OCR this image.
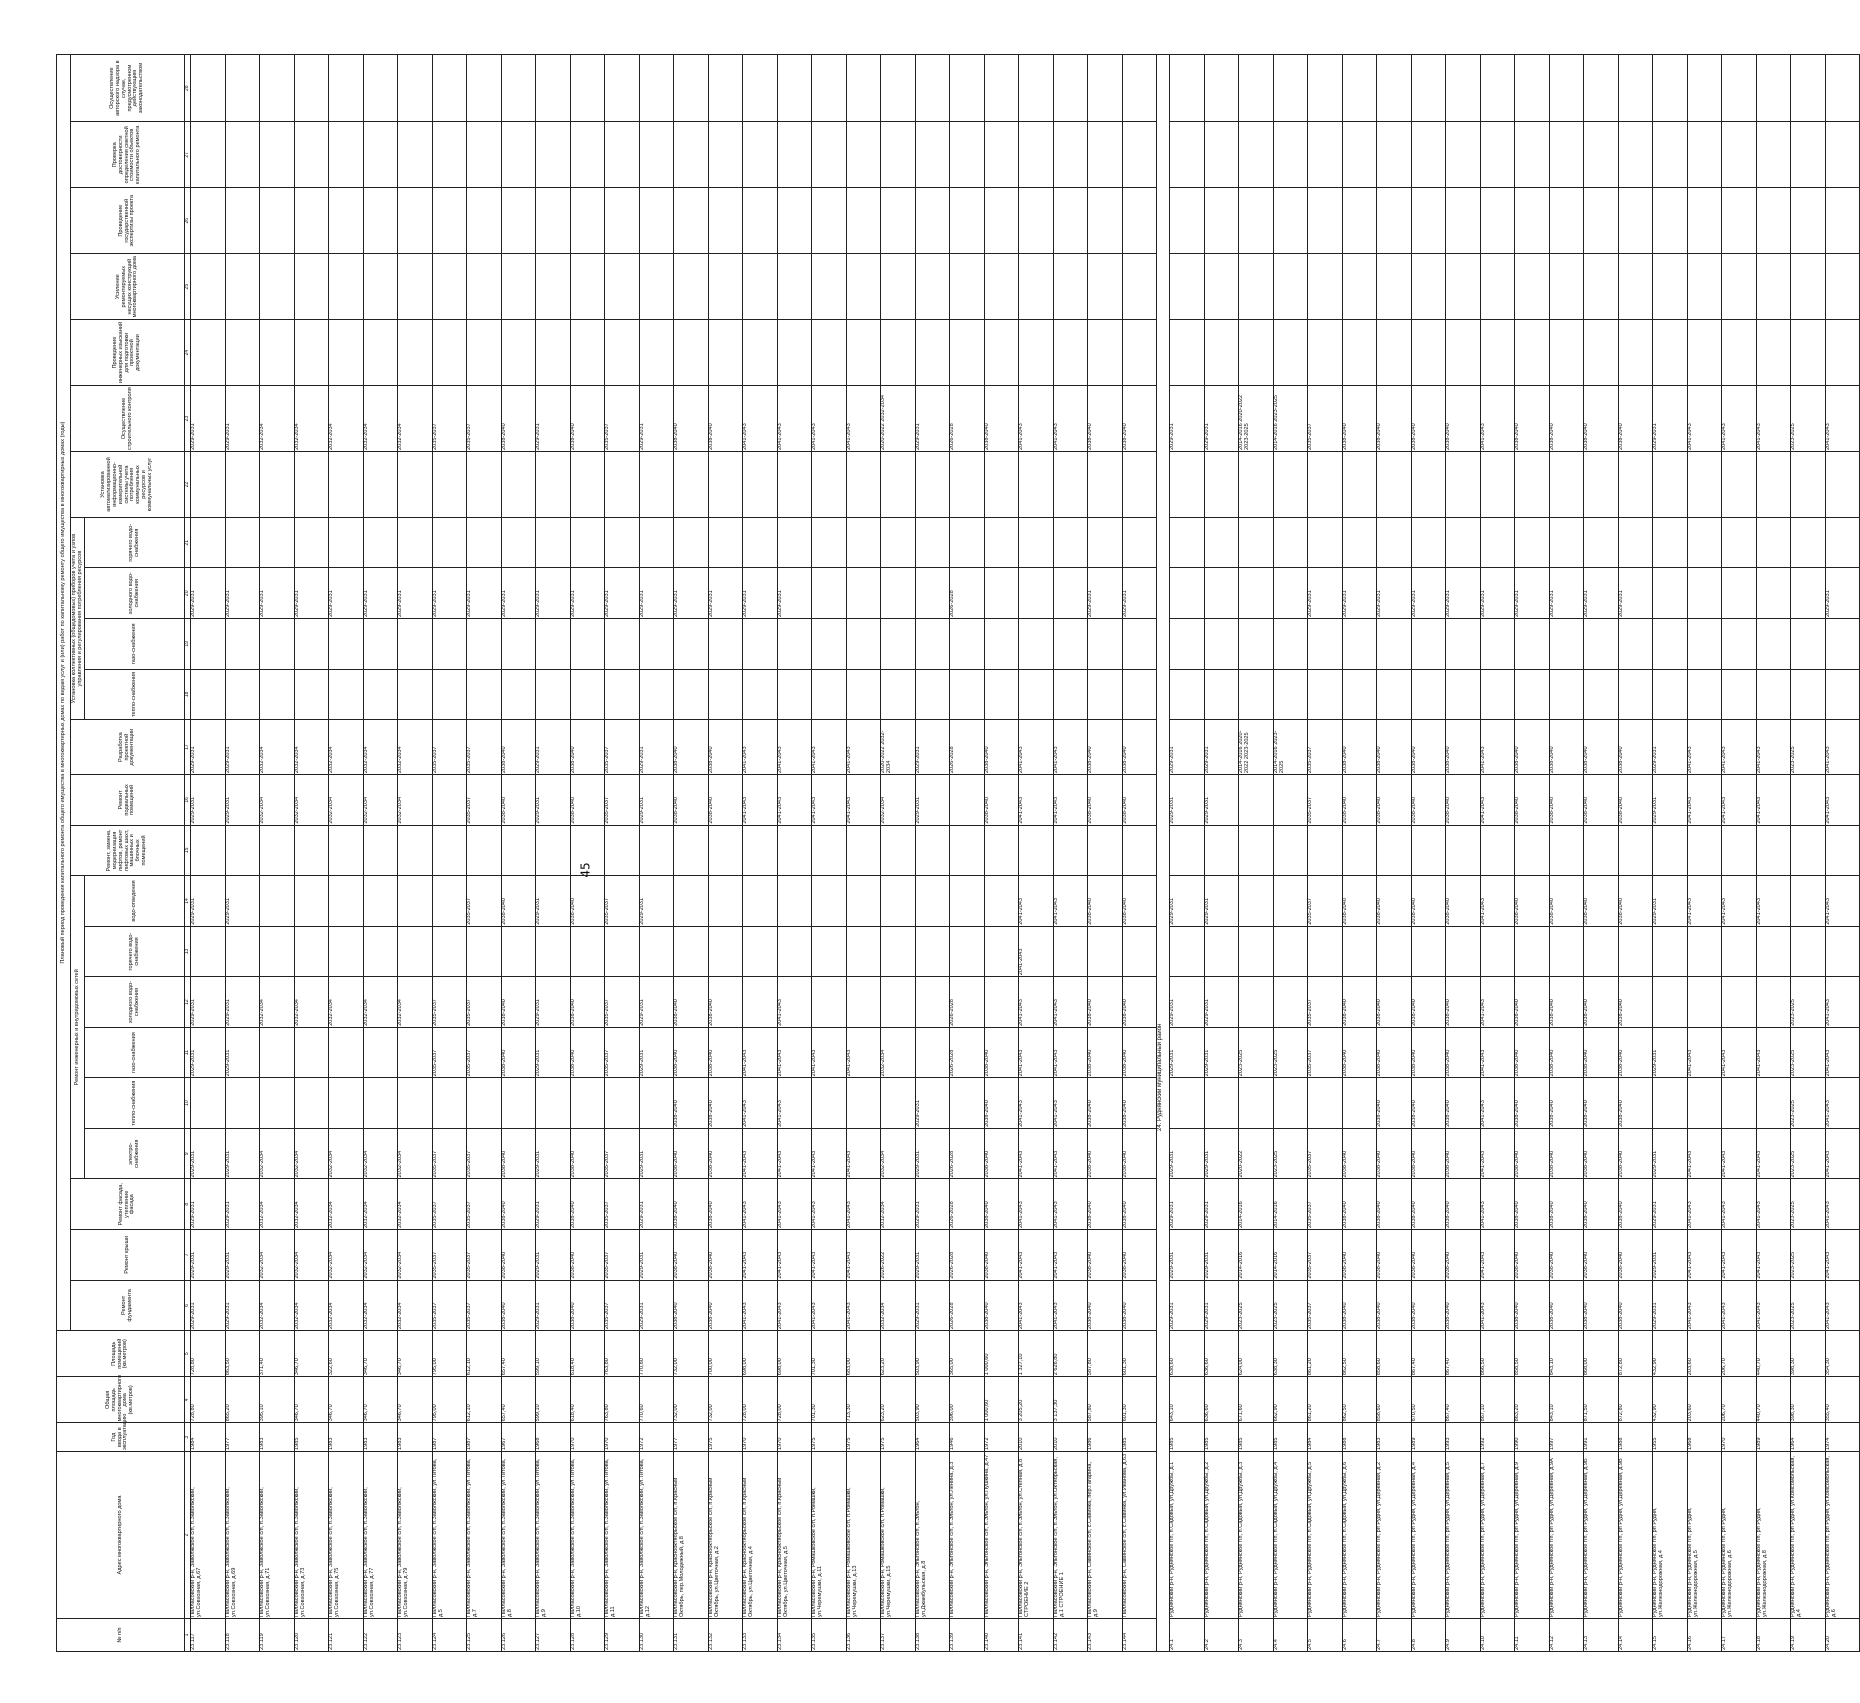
45
№ п/п	Адрес многоквартирного дома	Год ввода в эксплуатацию	Общая площадь многоквартирного дома (кв.метров)	Площадь помещений (кв.метров)	Плановый период проведения капитального ремонта общего имущества в многоквартирных домах по видам услуг и (или) работ по капитальному ремонту общего имущества в многоквартирных домах (годы)																						
					Ремонт фундамента	Ремонт крыши	Ремонт фасада, утепление фасада	Ремонт инженерных и внутридомовых сетей						Ремонт, замена, модернизация лифтов, ремонт лифтовых шахт, машинных и блочных помещений	Ремонт подвальных помещений	Разработка проектной документации	Установка коллективных (общедомовых) приборов учета и узлов управления и регулирования потребления ресурсов				Установка автоматизированной информационно-измерительной системы учета потребления коммунальных ресурсов и коммунальных услуг	Осуществление строительного контроля	Проведение инженерных изысканий для подготовки проектной документации	Усиление ремонтируемых несущих конструкций многоквартирного дома	Проведение государственной экспертизы проекта	Проверка достоверности определения сметной стоимости объектов капитального ремонта	Осуществление авторского надзора в случае, предусмотренном действующим законодательством
								электро-снабжения	тепло-снабжения	газо-снабжения	холодного водо-снабжения	горячего водо-снабжения	водо-отведения				тепло-снабжения	газо-снабжения	холодного водо-снабжения	горячего водо-снабжения							

1	2	3	4	5	6	7	8	9	10	11	12	13	14	15	16	17	18	19	20	21	22	23	24	25	26	27	28
23.117	Палласовский р-н, Заволжское с/п, п.Заволжский, ул.Совхозная, д.67	1984	728,80	728,80	2029-2031	2029-2031	2029-2031	2029-2031		2029-2031	2029-2031		2029-2031		2029-2031	2029-2031			2029-2031			2029-2031					
23.118	Палласовский р-н, Заволжское с/п, п.Заволжский, ул.Совхозная, д.69	1977	865,20	863,50	2029-2031	2029-2031	2029-2031	2029-2031		2029-2031	2029-2031		2029-2031		2029-2031	2029-2031			2029-2031			2029-2031					
23.119	Палласовский р-н, Заволжское с/п, п.Заволжский, ул.Совхозная, д.71	1983	395,10	371,40	2032-2034	2032-2034	2032-2034	2032-2034			2032-2034				2032-2034	2032-2034			2029-2031			2032-2034					
23.120	Палласовский р-н, Заволжское с/п, п.Заволжский, ул.Совхозная, д.73	1985	346,70	346,70	2032-2034	2032-2034	2032-2034	2032-2034			2032-2034				2032-2034	2032-2034			2029-2031			2032-2034					
23.121	Палласовский р-н, Заволжское с/п, п.Заволжский, ул.Совхозная, д.75	1983	346,70	322,60	2032-2034	2032-2034	2032-2034	2032-2034			2032-2034				2032-2034	2032-2034			2029-2031			2032-2034					
23.122	Палласовский р-н, Заволжское с/п, п.Заволжский, ул.Совхозная, д.77	1983	346,70	346,70	2032-2034	2032-2034	2032-2034	2032-2034			2032-2034				2032-2034	2032-2034			2029-2031			2032-2034					
23.123	Палласовский р-н, Заволжское с/п, п.Заволжский, ул.Совхозная, д.79	1983	346,70	346,70	2032-2034	2032-2034	2032-2034	2032-2034			2032-2034				2032-2034	2032-2034			2029-2031			2032-2034					
23.124	Палласовский р-н, Заволжское с/п, п.Заволжский, ул.Титова, д.5	1987	795,00	795,00	2035-2037	2035-2037	2035-2037	2035-2037		2035-2037	2035-2037					2035-2037			2029-2031			2035-2037					
23.125	Палласовский р-н, Заволжское с/п, п.Заволжский, ул.Титова, д.7	1987	612,10	612,10	2035-2037	2035-2037	2035-2037	2035-2037		2035-2037	2035-2037		2035-2037		2035-2037	2035-2037			2029-2031			2035-2037					
23.126	Палласовский р-н, Заволжское с/п, п.Заволжский, ул.Титова, д.8	1967	657,40	657,40	2038-2040	2038-2040	2038-2040	2038-2040		2038-2040	2038-2040		2038-2040		2038-2040	2038-2040			2029-2031			2038-2040					
23.127	Палласовский р-н, Заволжское с/п, п.Заволжский, ул.Титова, д.9	1968	599,10	599,10	2029-2031	2029-2031	2029-2031	2029-2031		2029-2031	2029-2031		2029-2031		2029-2031	2029-2031			2029-2031			2029-2031					
23.128	Палласовский р-н, Заволжское с/п, п.Заволжский, ул.Титова, д.10	1970	618,40	618,40	2038-2040	2038-2040	2038-2040	2038-2040		2038-2040	2038-2040		2038-2040		2038-2040	2038-2040			2029-2031			2038-2040					
23.129	Палласовский р-н, Заволжское с/п, п.Заволжский, ул.Титова, д.11	1970	763,80	763,80	2035-2037	2035-2037	2035-2037	2035-2037		2035-2037	2035-2037		2035-2037		2035-2037	2035-2037			2029-2031			2035-2037					
23.130	Палласовский р-н, Заволжское с/п, п.Заволжский, ул.Титова, д.12	1972	770,60	770,80	2029-2031	2029-2031	2029-2031	2029-2031		2029-2031	2029-2031		2029-2031		2029-2031	2029-2031			2029-2031			2029-2031					
23.131	Палласовский р-н, Краснооктябрьское с/п, п.Красный Октябрь, пер.Молодежный, д.8	1977	732,00	732,00	2038-2040	2038-2040	2038-2040	2038-2040	2038-2040	2038-2040	2038-2040				2038-2040	2038-2040			2029-2031			2038-2040					
23.132	Палласовский р-н, Краснооктябрьское с/п, п.Красный Октябрь, ул.Цветочная, д.2	1975	732,00	700,00	2038-2040	2038-2040	2038-2040	2038-2040	2038-2040	2038-2040	2038-2040				2038-2040	2038-2040			2029-2031			2038-2040					
23.133	Палласовский р-н, Краснооктябрьское с/п, п.Красный Октябрь, ул.Цветочная, д.4	1970	728,00	698,00	2041-2043	2041-2043	2041-2043	2041-2043	2041-2043	2041-2043					2041-2043	2041-2043			2029-2031			2041-2043					
23.134	Палласовский р-н, Краснооктябрьское с/п, п.Красный Октябрь, ул.Цветочная, д.5	1970	728,00	698,00	2041-2043	2041-2043	2041-2043	2041-2043	2041-2043	2041-2043	2041-2043				2041-2043	2041-2043			2029-2031			2041-2043					
23.135	Палласовский р-н, Ромашковское с/п, п.Ромашки, ул.Черемушки, д.11	1975	701,30	701,30	2041-2043	2041-2043	2041-2043	2041-2043		2041-2043					2041-2043	2041-2043						2041-2043					
23.136	Палласовский р-н, Ромашковское с/п, п.Ромашки, ул.Черемушки, д.13	1975	713,30	683,00	2041-2043	2041-2043	2041-2043	2041-2043		2041-2043					2041-2043	2041-2043						2041-2043					
23.137	Палласовский р-н, Ромашковское с/п, п.Ромашки, ул.Черемушки, д.15	1975	623,20	623,20	2032-2034	2026-2022	2032-2034	2032-2034		2032-2034					2032-2034	2020-2022 2032-2034						2020-2022 2032-2034					
23.138	Палласовский р-н, Эльтонское с/п, п.Эльтон, ул.Джамбульская, д.8	1964	503,90	503,90	2029-2031	2029-2031	2029-2031	2029-2031	2029-2031						2029-2031	2029-2031						2029-2031					
23.139	Палласовский р-н, Эльтонское с/п, п.Эльтон, ул.Ленина, д.3	1946	396,00	365,00	2026-2028	2026-2028	2026-2028	2026-2028		2026-2028	2026-2028					2026-2028			2026-2028			2026-2028					
23.140	Палласовский р-н, Эльтонское с/п, п.Эльтон, ул.Пушкина, д.47	1972	1 000,60	1 000,60	2038-2040	2038-2040	2038-2040	2038-2040	2038-2040	2038-2040					2038-2040	2038-2040						2038-2040					
23.141	Палласовский р-н, Эльтонское с/п, п.Эльтон, ул.Степная, д.8 СТРОЕНИЕ 2	2010	3 205,20	1 327,10	2041-2043	2041-2043	2041-2043	2041-2043	2041-2043	2041-2043	2041-2043	2041-2043	2041-2043		2041-2043	2041-2043						2041-2043					
23.142	Палласовский р-н, Эльтонское с/п, п.Эльтон, ул.Октябрьская, д.1 СТРОЕНИЕ 1	2010	3 137,30	2 626,80	2041-2043	2041-2043	2041-2043	2041-2043	2041-2043	2041-2043	2041-2043		2041-2043		2041-2043	2041-2043						2041-2043					
23.143	Палласовский р-н, Савинское с/п, с.Савинка, пер.Гагарина, д.9	1986	587,80	587,80	2038-2040	2038-2040	2038-2040	2038-2040	2038-2040	2038-2040	2038-2040		2038-2040		2038-2040	2038-2040			2029-2031			2038-2040					
23.144	Палласовский р-н, Савинское с/п, с.Савинка, ул.Иванова, д.63	1985	601,30	601,30	2038-2040	2038-2040	2038-2040	2038-2040	2038-2040	2038-2040	2038-2040		2038-2040		2038-2040	2038-2040			2029-2031			2038-2040					
24. Руднянский муниципальный район																											
24.1	Руднянский р-н, Руднянское г/п, п.Садовый, ул.Дружбы, д.1	1985	643,10	638,60	2029-2031	2029-2031	2029-2031	2029-2031		2029-2031	2029-2031		2029-2031		2029-2031	2029-2031						2029-2031					
24.2	Руднянский р-н, Руднянское г/п, п.Садовый, ул.Дружбы, д.2	1985	636,60	636,60	2029-2031	2029-2031	2029-2031	2029-2031		2029-2031	2029-2031		2029-2031		2029-2031	2029-2031						2029-2031					
24.3	Руднянский р-н, Руднянское г/п, п.Садовый, ул.Дружбы, д.3	1985	671,60	624,00	2023-2025	2014-2016	2014-2016	2020-2022		2023-2025						2014-2016 2020-2022 2023-2025						2014-2016 2020-2022 2023-2025					
24.4	Руднянский р-н, Руднянское г/п, п.Садовый, ул.Дружбы, д.4	1985	662,90	638,30	2023-2025	2014-2016	2014-2016	2023-2025		2023-2025						2014-2016 2023-2025						2014-2016 2023-2025					
24.5	Руднянский р-н, Руднянское г/п, п.Садовый, ул.Дружбы, д.5	1984	861,20	861,20	2035-2037	2035-2037	2035-2037	2035-2037		2035-2037	2035-2037		2035-2037		2035-2037	2035-2037			2029-2031			2035-2037					
24.6	Руднянский р-н, Руднянское г/п, п.Садовый, ул.Дружбы, д.6	1988	862,50	862,50	2038-2040	2038-2040	2038-2040	2038-2040		2038-2040	2038-2040		2038-2040		2038-2040	2038-2040			2029-2031			2038-2040					
24.7	Руднянский р-н, Руднянское г/п, рп Рудня, ул.Деревная, д.2	1983	858,60	858,60	2038-2040	2038-2040	2038-2040	2038-2040	2038-2040	2038-2040	2038-2040		2038-2040		2038-2040	2038-2040			2029-2031			2038-2040					
24.8	Руднянский р-н, Руднянское г/п, рп Рудня, ул.Деревная, д.4	1989	870,50	867,40	2038-2040	2038-2040	2038-2040	2038-2040	2038-2040	2038-2040	2038-2040		2038-2040		2038-2040	2038-2040			2029-2031			2038-2040					
24.9	Руднянский р-н, Руднянское г/п, рп Рудня, ул.Деревная, д.5	1993	867,40	867,40	2038-2040	2038-2040	2038-2040	2038-2040	2038-2040	2038-2040	2038-2040		2038-2040		2038-2040	2038-2040			2029-2031			2038-2040					
24.10	Руднянский р-н, Руднянское г/п, рп Рудня, ул.Деревная, д.7	1992	867,10	866,50	2041-2043	2041-2043	2041-2043	2041-2043	2041-2043	2041-2043	2041-2043		2041-2043		2041-2043	2041-2043			2029-2031			2041-2043					
24.11	Руднянский р-н, Руднянское г/п, рп Рудня, ул.Деревная, д.9	1990	863,20	858,50	2038-2040	2038-2040	2038-2040	2038-2040	2038-2040	2038-2040	2038-2040		2038-2040		2038-2040	2038-2040			2029-2031			2038-2040					
24.12	Руднянский р-н, Руднянское г/п, рп Рудня, ул.Деревная, д.9А	1997	843,10	843,10	2038-2040	2038-2040	2038-2040	2038-2040	2038-2040	2038-2040	2038-2040		2038-2040		2038-2040	2038-2040			2029-2031			2038-2040					
24.13	Руднянский р-н, Руднянское г/п, рп Рудня, ул.Деревная, д.9Б	1991	871,50	868,00	2038-2040	2038-2040	2038-2040	2038-2040	2038-2040	2038-2040	2038-2040		2038-2040		2038-2040	2038-2040			2029-2031			2038-2040					
24.14	Руднянский р-н, Руднянское г/п, рп Рудня, ул.Деревная, д.9В	1988	872,80	872,80	2038-2040	2038-2040	2038-2040	2038-2040	2038-2040	2038-2040	2038-2040		2038-2040		2038-2040	2038-2040			2029-2031			2038-2040					
24.15	Руднянский р-н, Руднянское г/п, рп Рудня, ул.Железнодорожная, д.4	1955	432,90	432,90	2029-2031	2029-2031	2029-2031	2029-2031		2029-2031			2029-2031		2029-2031	2029-2031						2029-2031					
24.16	Руднянский р-н, Руднянское г/п, рп Рудня, ул.Железнодорожная, д.5	1968	203,60	203,60	2041-2043	2041-2043	2041-2043	2041-2043		2041-2043			2041-2043		2041-2043	2041-2043						2041-2043					
24.17	Руднянский р-н, Руднянское г/п, рп Рудня, ул.Железнодорожная, д.6	1970	206,70	206,70	2041-2043	2041-2043	2041-2043	2041-2043		2041-2043			2041-2043		2041-2043	2041-2043						2041-2043					
24.18	Руднянский р-н, Руднянское г/п, рп Рудня, ул.Железнодорожная, д.8	1989	440,70	440,70	2041-2043	2041-2043	2041-2043	2041-2043		2041-2043			2041-2043		2041-2043	2041-2043						2041-2043					
24.19	Руднянский р-н, Руднянское г/п, рп Рудня, ул.Комсомольская, д.4	1964	398,30	398,30	2023-2025	2023-2025	2023-2025	2023-2025	2023-2025	2023-2025	2023-2025					2023-2025						2023-2025					
24.20	Руднянский р-н, Руднянское г/п, рп Рудня, ул.Комсомольская, д.6	1974	355,40	354,30	2041-2043	2041-2043	2041-2043	2041-2043	2041-2043	2041-2043	2041-2043		2041-2043		2041-2043	2041-2043			2029-2031			2041-2043					
